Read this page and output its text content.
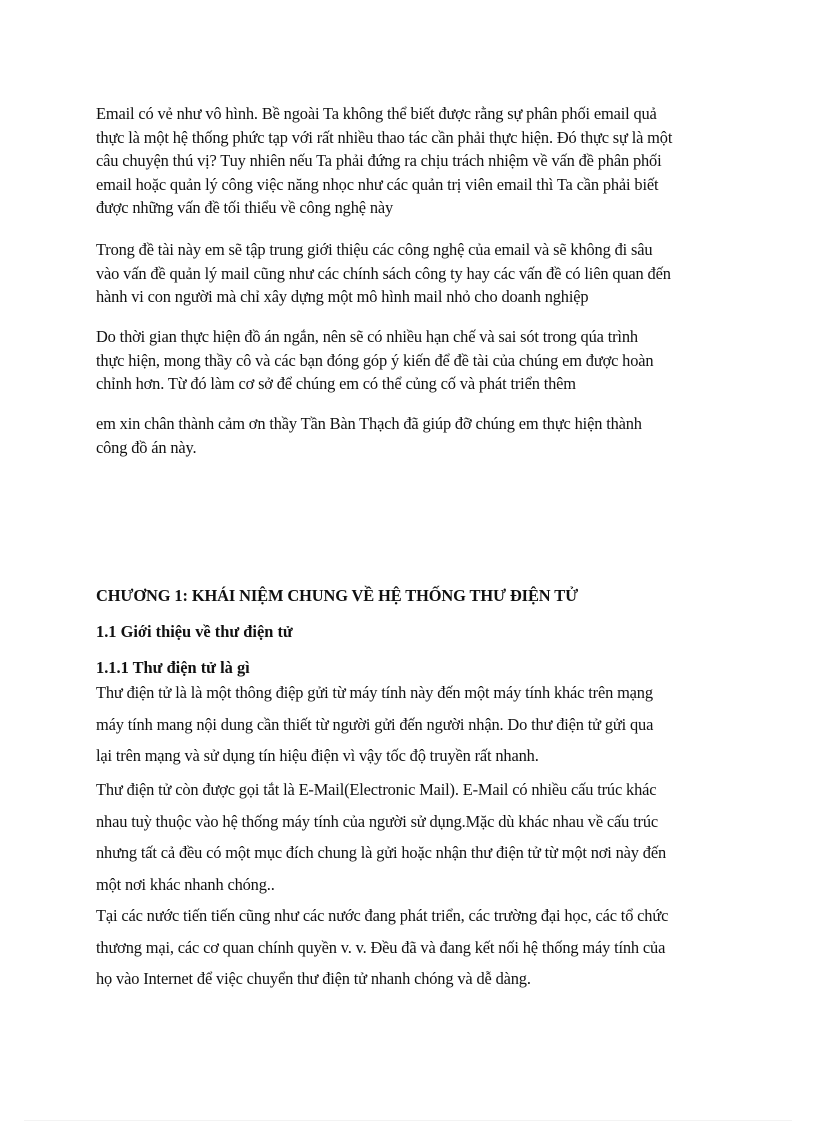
Email có vẻ như vô hình. Bề ngoài Ta không thể biết được rằng sự phân phối email quả
thực là một hệ thống phức tạp với rất nhiều thao tác cần phải thực hiện. Đó thực sự là một
câu chuyện thú vị? Tuy nhiên nếu Ta phải đứng ra chịu trách nhiệm về vấn đề phân phối
email hoặc quản lý công việc năng nhọc như các quản trị viên email thì Ta cần phải biết
được những vấn đề tối thiểu về công nghệ này
Trong đề tài này em sẽ tập trung giới thiệu các công nghệ của email và sẽ không đi sâu
vào vấn đề quản lý mail cũng như các chính sách công ty hay các vấn đề có liên quan đến
hành vi con người mà chỉ xây dựng một mô hình mail nhỏ cho doanh nghiệp
Do thời gian thực hiện đồ án ngắn, nên sẽ có nhiều hạn chế và sai sót trong qúa trình
thực hiện, mong thầy cô và các bạn đóng góp ý kiến để đề tài của chúng em được hoàn
chỉnh hơn. Từ đó làm cơ sở để chúng em có thể củng cố và phát triển thêm
em xin chân thành cảm ơn thầy Tần Bàn Thạch đã giúp đỡ chúng em thực hiện thành
công đồ án này.
CHƯƠNG 1: KHÁI NIỆM CHUNG VỀ HỆ THỐNG THƯ ĐIỆN TỬ
1.1 Giới thiệu về thư điện tử
1.1.1 Thư điện tử là gì
Thư điện tử là là một thông điệp gửi từ máy tính này đến một máy tính khác trên mạng
máy tính mang nội dung cần thiết từ người gửi đến người nhận. Do thư điện tử gửi qua
lại trên mạng và sử dụng tín hiệu điện vì vậy tốc độ truyền rất nhanh.
Thư điện tử còn được gọi tắt là E-Mail(Electronic Mail). E-Mail có nhiều cấu trúc khác
nhau tuỳ thuộc vào hệ thống máy tính của người sử dụng.Mặc dù khác nhau về cấu trúc
nhưng tất cả đều có một mục đích chung là gửi hoặc nhận thư điện tử từ một nơi này đến
một nơi khác nhanh chóng..
Tại các nước tiến tiến cũng như các nước đang phát triển, các trường đại học, các tổ chức
thương mại, các cơ quan chính quyền v. v. Đều đã và đang kết nối hệ thống máy tính của
họ vào Internet để việc chuyển thư điện tử nhanh chóng và dễ dàng.
